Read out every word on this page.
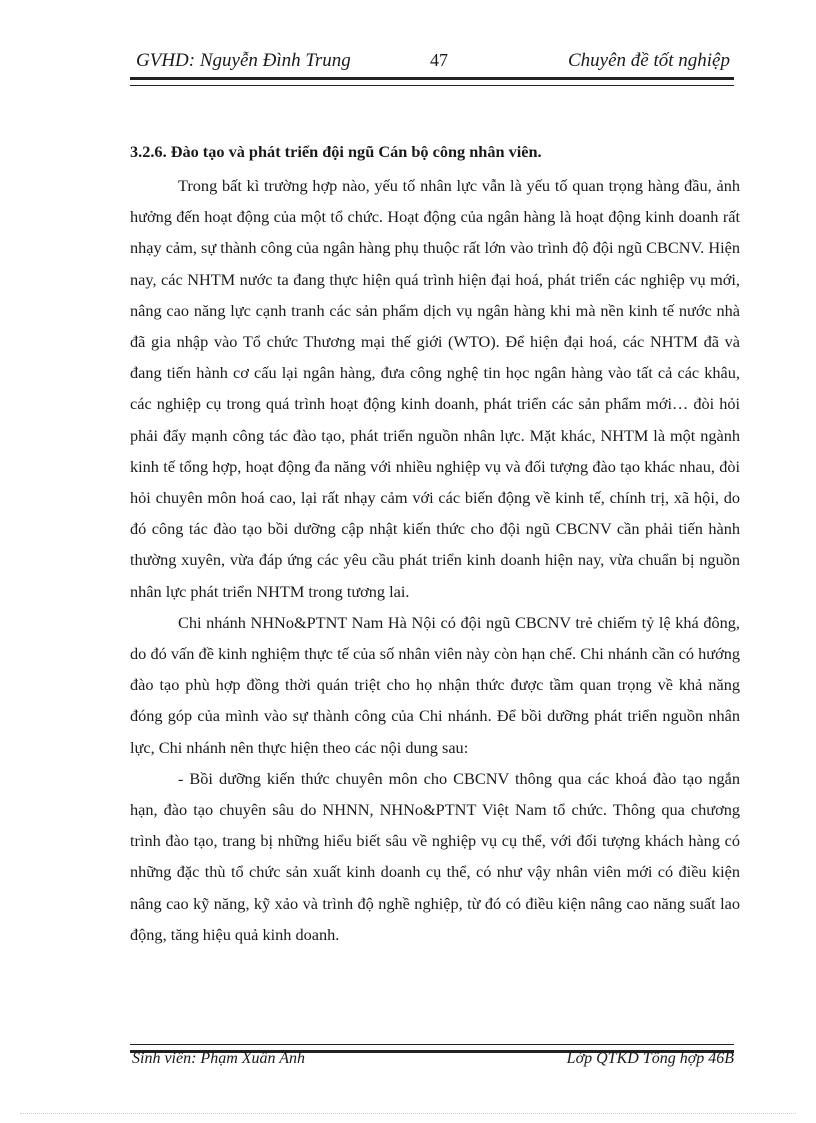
GVHD: Nguyễn Đình Trung	47	Chuyên đề tốt nghiệp
3.2.6. Đào tạo và phát triển đội ngũ Cán bộ công nhân viên.

Trong bất kì trường hợp nào, yếu tố nhân lực vẫn là yếu tố quan trọng hàng đầu, ảnh hưởng đến hoạt động của một tổ chức. Hoạt động của ngân hàng là hoạt động kinh doanh rất nhạy cảm, sự thành công của ngân hàng phụ thuộc rất lớn vào trình độ đội ngũ CBCNV. Hiện nay, các NHTM nước ta đang thực hiện quá trình hiện đại hoá, phát triển các nghiệp vụ mới, nâng cao năng lực cạnh tranh các sản phẩm dịch vụ ngân hàng khi mà nền kinh tế nước nhà đã gia nhập vào Tổ chức Thương mại thế giới (WTO). Để hiện đại hoá, các NHTM đã và đang tiến hành cơ cấu lại ngân hàng, đưa công nghệ tin học ngân hàng vào tất cả các khâu, các nghiệp cụ trong quá trình hoạt động kinh doanh, phát triển các sản phẩm mới… đòi hỏi phải đẩy mạnh công tác đào tạo, phát triển nguồn nhân lực. Mặt khác, NHTM là một ngành kinh tế tổng hợp, hoạt động đa năng với nhiều nghiệp vụ và đối tượng đào tạo khác nhau, đòi hỏi chuyên môn hoá cao, lại rất nhạy cảm với các biến động về kinh tế, chính trị, xã hội, do đó công tác đào tạo bồi dưỡng cập nhật kiến thức cho đội ngũ CBCNV cần phải tiến hành thường xuyên, vừa đáp ứng các yêu cầu phát triển kinh doanh hiện nay, vừa chuẩn bị nguồn nhân lực phát triển NHTM trong tương lai.

Chi nhánh NHNo&PTNT Nam Hà Nội có đội ngũ CBCNV trẻ chiếm tỷ lệ khá đông, do đó vấn đề kinh nghiệm thực tế của số nhân viên này còn hạn chế. Chi nhánh cần có hướng đào tạo phù hợp đồng thời quán triệt cho họ nhận thức được tầm quan trọng về khả năng đóng góp của mình vào sự thành công của Chi nhánh. Để bồi dưỡng phát triển nguồn nhân lực, Chi nhánh nên thực hiện theo các nội dung sau:

- Bồi dưỡng kiến thức chuyên môn cho CBCNV thông qua các khoá đào tạo ngắn hạn, đào tạo chuyên sâu do NHNN, NHNo&PTNT Việt Nam tổ chức. Thông qua chương trình đào tạo, trang bị những hiểu biết sâu về nghiệp vụ cụ thể, với đối tượng khách hàng có những đặc thù tổ chức sản xuất kinh doanh cụ thể, có như vậy nhân viên mới có điều kiện nâng cao kỹ năng, kỹ xảo và trình độ nghề nghiệp, từ đó có điều kiện nâng cao năng suất lao động, tăng hiệu quả kinh doanh.

Sinh viên: Phạm Xuân Anh	Lớp QTKD Tổng hợp 46B
